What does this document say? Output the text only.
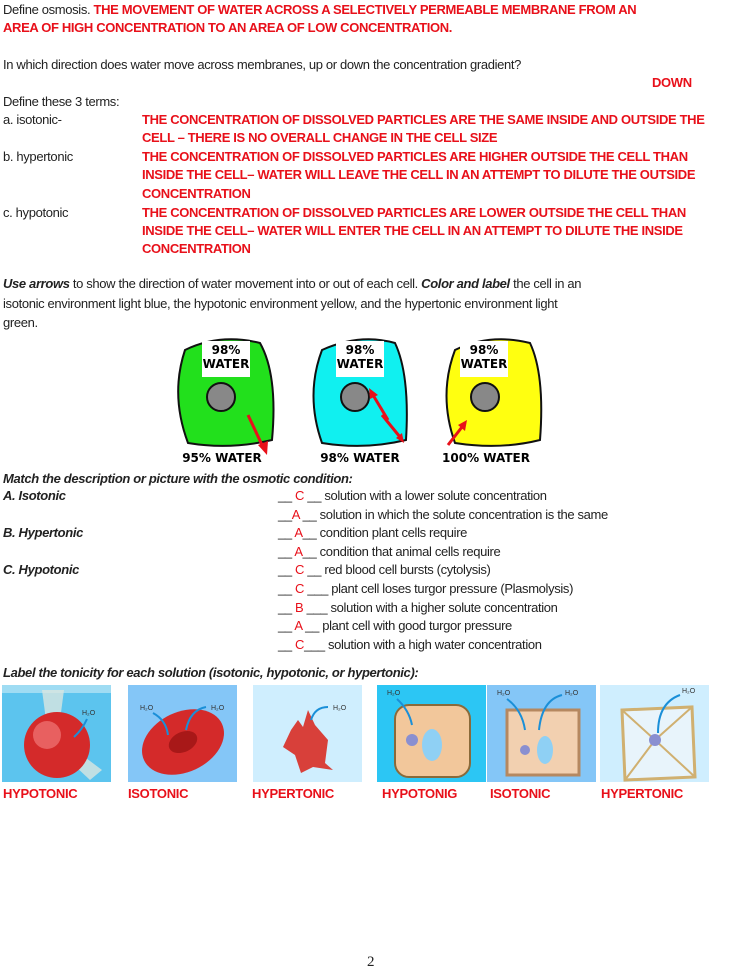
Define osmosis. THE MOVEMENT OF WATER ACROSS A SELECTIVELY PERMEABLE MEMBRANE FROM AN
AREA OF HIGH CONCENTRATION TO AN AREA OF LOW CONCENTRATION.
In which direction does water move across membranes, up or down the concentration gradient?
DOWN
Define these 3 terms:
a. isotonic-	THE CONCENTRATION OF DISSOLVED PARTICLES ARE THE SAME INSIDE AND OUTSIDE THE
CELL – THERE IS NO OVERALL CHANGE IN THE CELL SIZE
b. hypertonic	THE CONCENTRATION OF DISSOLVED PARTICLES ARE HIGHER OUTSIDE THE CELL THAN
INSIDE THE CELL– WATER WILL LEAVE THE CELL IN AN ATTEMPT TO DILUTE THE OUTSIDE
CONCENTRATION
c. hypotonic	THE CONCENTRATION OF DISSOLVED PARTICLES ARE LOWER OUTSIDE THE CELL THAN
INSIDE THE CELL– WATER WILL ENTER THE CELL IN AN ATTEMPT TO DILUTE THE INSIDE
CONCENTRATION
Use arrows to show the direction of water movement into or out of each cell. Color and label the cell in an
isotonic environment light blue, the hypotonic environment yellow, and the hypertonic environment light
green.
98%
WATER
95% WATER
98%
WATER
98% WATER
98%
WATER
100% WATER
Match the description or picture with the osmotic condition:
A. Isotonic
B. Hypertonic
C. Hypotonic
__ C __ solution with a lower solute concentration
__A __ solution in which the solute concentration is the same
__ A__ condition plant cells require
__ A__ condition that animal cells require
__ C __ red blood cell bursts (cytolysis)
__ C ___ plant cell loses turgor pressure (Plasmolysis)
__ B ___ solution with a higher solute concentration
__ A __ plant cell with good turgor pressure
__ C___ solution with a high water concentration
Label the tonicity for each solution (isotonic, hypotonic, or hypertonic):
H₂O
H₂O	H₂O	H₂O
H₂O	H₂O	H₂O	H₂O
HYPOTONIC	ISOTONIC	HYPERTONIC	HYPOTONIG	ISOTONIC	HYPERTONIC
2
